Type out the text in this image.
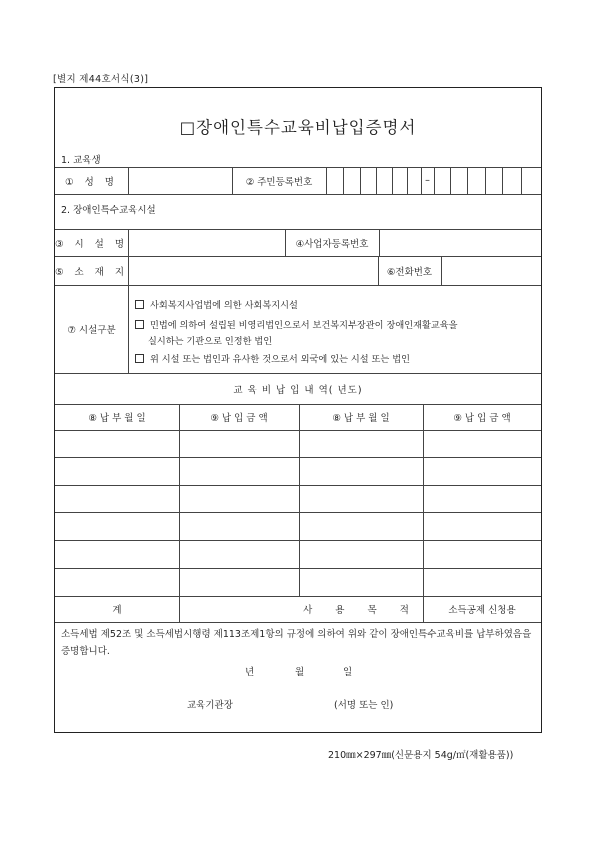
[별지 제44호서식(3)]
□장애인특수교육비납입증명서
1. 교육생
① 성 명	② 주민등록번호	–
2. 장애인특수교육시설
③ 시 설 명	④사업자등록번호
⑤ 소 재 지	⑥전화번호
⑦ 시설구분
사회복지사업법에 의한 사회복지시설
민법에 의하여 설립된 비영리법인으로서 보건복지부장관이 장애인재활교육을
실시하는 기관으로 인정한 법인
위 시설 또는 법인과 유사한 것으로서 외국에 있는 시설 또는 법인
교 육 비 납 입 내 역( 년도)
⑧ 납 부 월 일	⑨ 납 입 금 액	⑧ 납 부 월 일	⑨ 납 입 금 액
계	사 용 목 적	소득공제 신청용
소득세법 제52조 및 소득세법시행령 제113조제1항의 규정에 의하여 위와 같이 장애인특수교육비를 납부하였음을 증명합니다.
년	월	일
교육기관장	(서명 또는 인)
210㎜×297㎜(신문용지 54g/㎡(재활용품))
